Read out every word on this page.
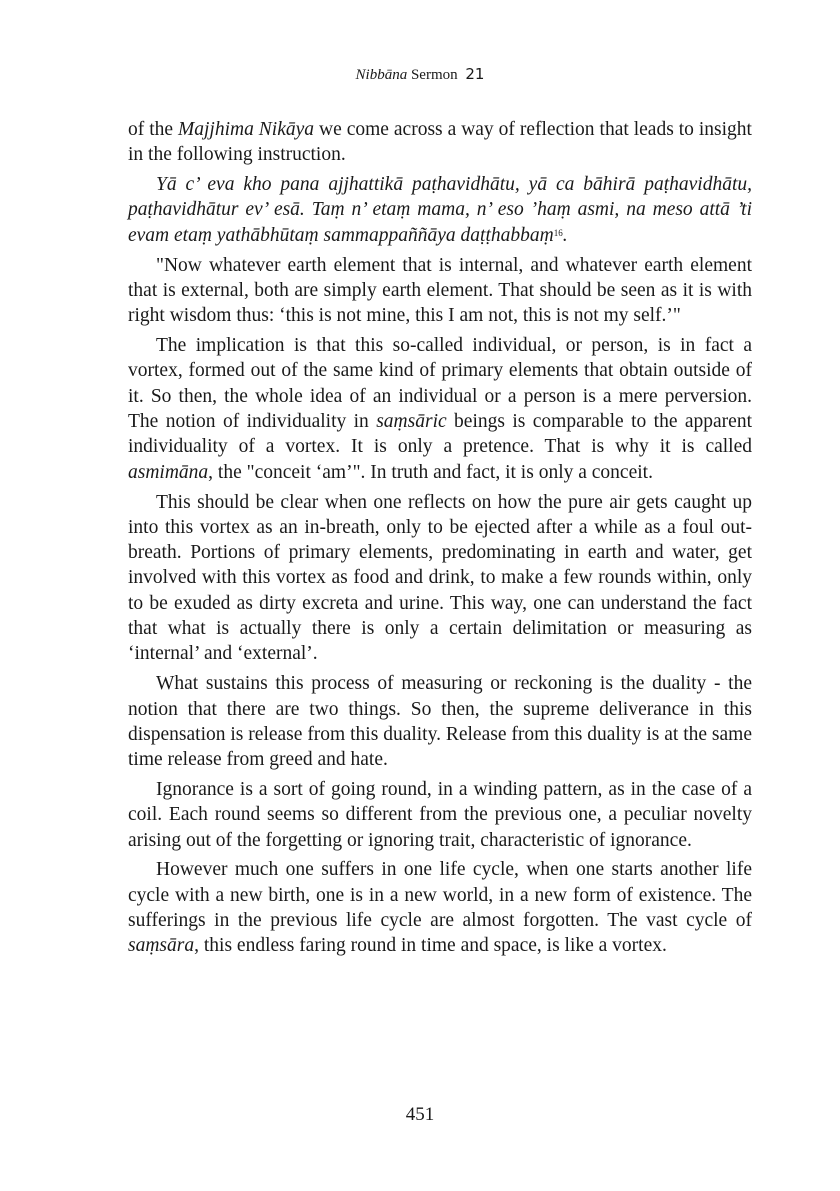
Nibbāna Sermon 21

of the Majjhima Nikāya we come across a way of reflection that leads to insight in the following instruction.

Yā c’ eva kho pana ajjhattikā paṭhavidhātu, yā ca bāhirā paṭhavidhātu, paṭhavidhātur ev’ esā. Taṃ n’ etaṃ mama, n’ eso ’haṃ asmi, na meso attā ’ti evam etaṃ yathābhūtaṃ sammappaññāya daṭṭhabbaṃ$^{16}$.

"Now whatever earth element that is internal, and whatever earth element that is external, both are simply earth element. That should be seen as it is with right wisdom thus: ‘this is not mine, this I am not, this is not my self.’"

The implication is that this so-called individual, or person, is in fact a vortex, formed out of the same kind of primary elements that obtain outside of it. So then, the whole idea of an individual or a person is a mere perversion. The notion of individuality in saṃsāric beings is comparable to the apparent individuality of a vortex. It is only a pretence. That is why it is called asmimāna, the "conceit ‘am’". In truth and fact, it is only a conceit.

This should be clear when one reflects on how the pure air gets caught up into this vortex as an in-breath, only to be ejected after a while as a foul out-breath. Portions of primary elements, predominating in earth and water, get involved with this vortex as food and drink, to make a few rounds within, only to be exuded as dirty excreta and urine. This way, one can understand the fact that what is actually there is only a certain delimitation or measuring as ‘internal’ and ‘external’.

What sustains this process of measuring or reckoning is the duality - the notion that there are two things. So then, the supreme deliverance in this dispensation is release from this duality. Release from this duality is at the same time release from greed and hate.

Ignorance is a sort of going round, in a winding pattern, as in the case of a coil. Each round seems so different from the previous one, a peculiar novelty arising out of the forgetting or ignoring trait, characteristic of ignorance.

However much one suffers in one life cycle, when one starts another life cycle with a new birth, one is in a new world, in a new form of existence. The sufferings in the previous life cycle are almost forgotten. The vast cycle of saṃsāra, this endless faring round in time and space, is like a vortex.

451
